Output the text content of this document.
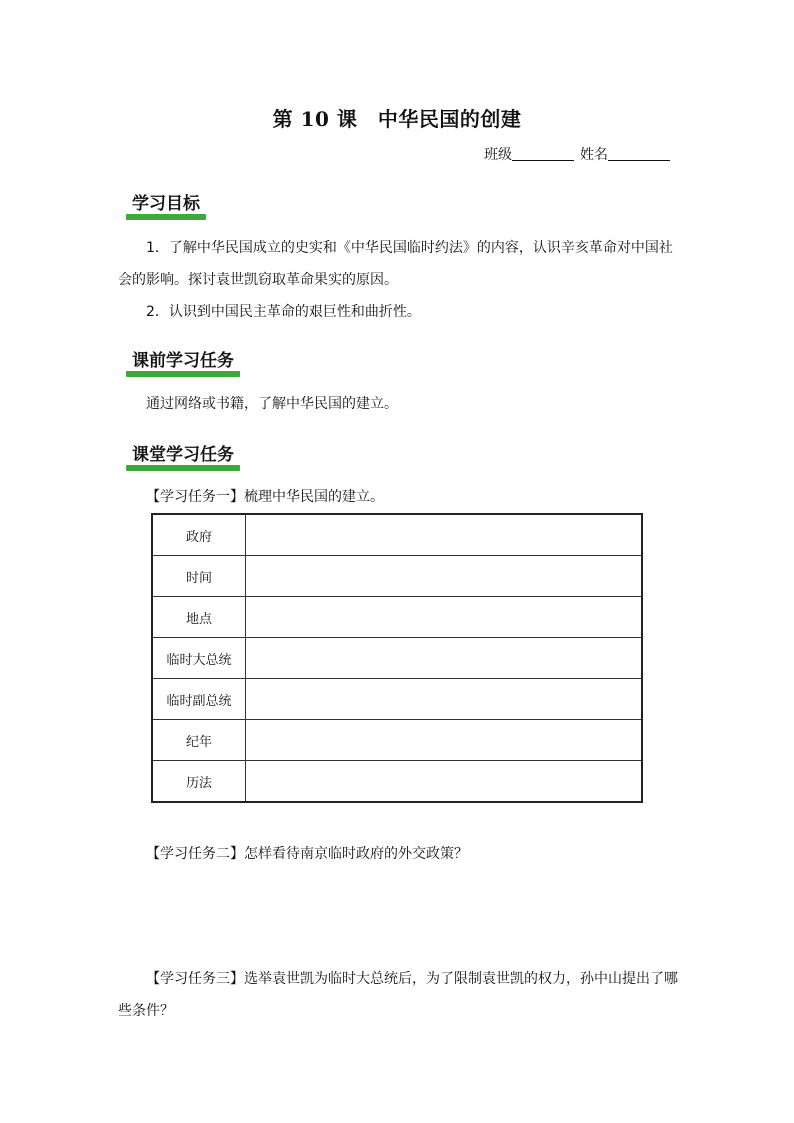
第 10 课　中华民国的创建
班级	姓名
学习目标
1．了解中华民国成立的史实和《中华民国临时约法》的内容，认识辛亥革命对中国社
会的影响。探讨袁世凯窃取革命果实的原因。
2．认识到中国民主革命的艰巨性和曲折性。
课前学习任务
通过网络或书籍，了解中华民国的建立。
课堂学习任务
【学习任务一】梳理中华民国的建立。
政府	
时间	
地点	
临时大总统	
临时副总统	
纪年	
历法	
【学习任务二】怎样看待南京临时政府的外交政策？
【学习任务三】选举袁世凯为临时大总统后，为了限制袁世凯的权力，孙中山提出了哪
些条件？
